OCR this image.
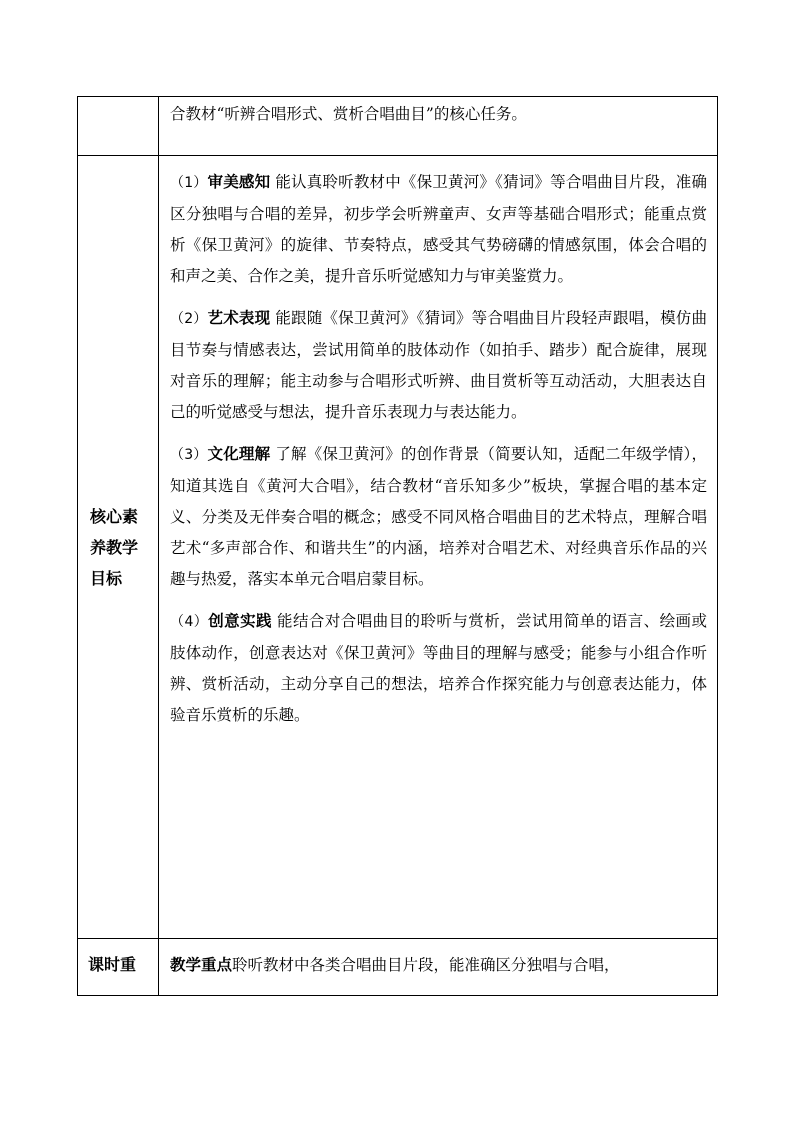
	合教材“听辨合唱形式、赏析合唱曲目”的核心任务。

核心素养教学目标	（1）审美感知 能认真聆听教材中《保卫黄河》《猜词》等合唱曲目片段，准确区分独唱与合唱的差异，初步学会听辨童声、女声等基础合唱形式；能重点赏析《保卫黄河》的旋律、节奏特点，感受其气势磅礴的情感氛围，体会合唱的和声之美、合作之美，提升音乐听觉感知力与审美鉴赏力。

（2）艺术表现 能跟随《保卫黄河》《猜词》等合唱曲目片段轻声跟唱，模仿曲目节奏与情感表达，尝试用简单的肢体动作（如拍手、踏步）配合旋律，展现对音乐的理解；能主动参与合唱形式听辨、曲目赏析等互动活动，大胆表达自己的听觉感受与想法，提升音乐表现力与表达能力。

（3）文化理解 了解《保卫黄河》的创作背景（简要认知，适配二年级学情），知道其选自《黄河大合唱》，结合教材“音乐知多少”板块，掌握合唱的基本定义、分类及无伴奏合唱的概念；感受不同风格合唱曲目的艺术特点，理解合唱艺术“多声部合作、和谐共生”的内涵，培养对合唱艺术、对经典音乐作品的兴趣与热爱，落实本单元合唱启蒙目标。

（4）创意实践 能结合对合唱曲目的聆听与赏析，尝试用简单的语言、绘画或肢体动作，创意表达对《保卫黄河》等曲目的理解与感受；能参与小组合作听辨、赏析活动，主动分享自己的想法，培养合作探究能力与创意表达能力，体验音乐赏析的乐趣。

课时重	教学重点聆听教材中各类合唱曲目片段，能准确区分独唱与合唱，
